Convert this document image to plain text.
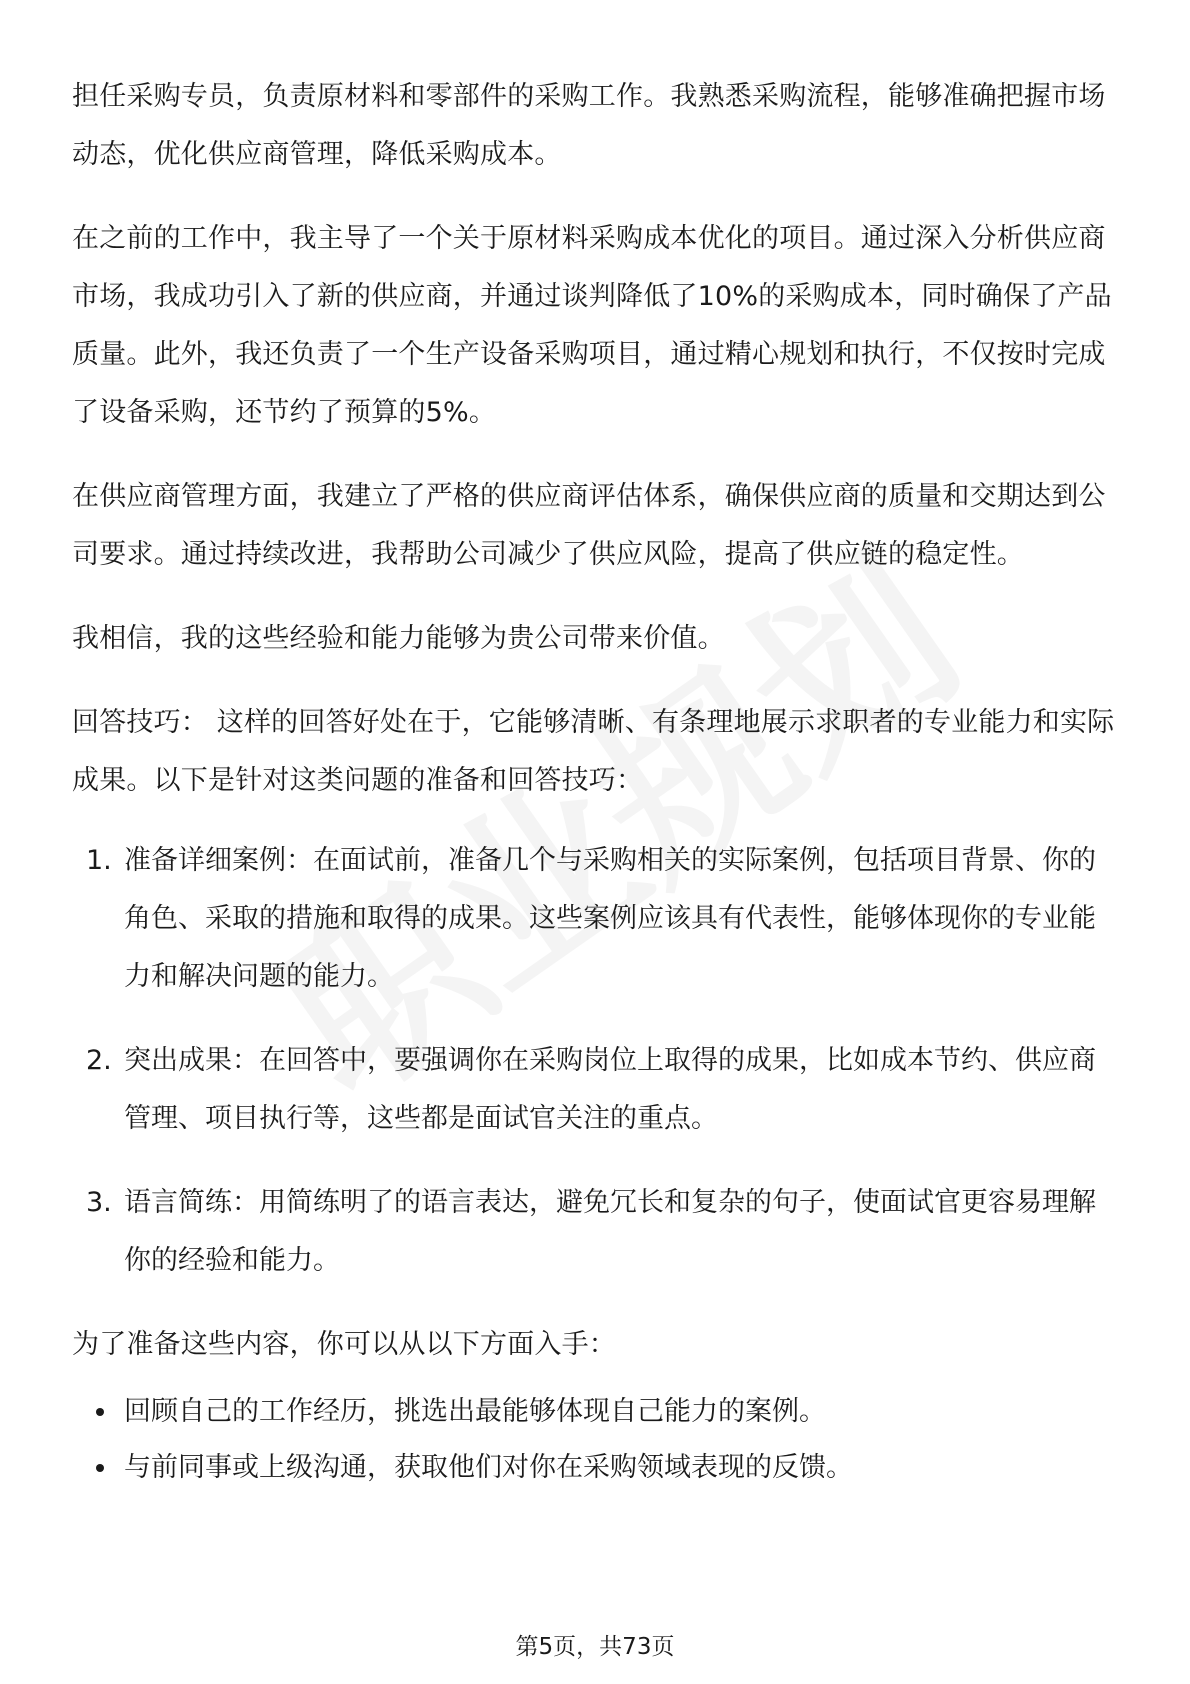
担任采购专员，负责原材料和零部件的采购工作。我熟悉采购流程，能够准确把握市场动态，优化供应商管理，降低采购成本。

在之前的工作中，我主导了一个关于原材料采购成本优化的项目。通过深入分析供应商市场，我成功引入了新的供应商，并通过谈判降低了10%的采购成本，同时确保了产品质量。此外，我还负责了一个生产设备采购项目，通过精心规划和执行，不仅按时完成了设备采购，还节约了预算的5%。

在供应商管理方面，我建立了严格的供应商评估体系，确保供应商的质量和交期达到公司要求。通过持续改进，我帮助公司减少了供应风险，提高了供应链的稳定性。

我相信，我的这些经验和能力能够为贵公司带来价值。

回答技巧： 这样的回答好处在于，它能够清晰、有条理地展示求职者的专业能力和实际成果。以下是针对这类问题的准备和回答技巧：

1. 准备详细案例：在面试前，准备几个与采购相关的实际案例，包括项目背景、你的角色、采取的措施和取得的成果。这些案例应该具有代表性，能够体现你的专业能力和解决问题的能力。
2. 突出成果：在回答中，要强调你在采购岗位上取得的成果，比如成本节约、供应商管理、项目执行等，这些都是面试官关注的重点。
3. 语言简练：用简练明了的语言表达，避免冗长和复杂的句子，使面试官更容易理解你的经验和能力。

为了准备这些内容，你可以从以下方面入手：

回顾自己的工作经历，挑选出最能够体现自己能力的案例。
与前同事或上级沟通，获取他们对你在采购领域表现的反馈。
第5页，共73页
